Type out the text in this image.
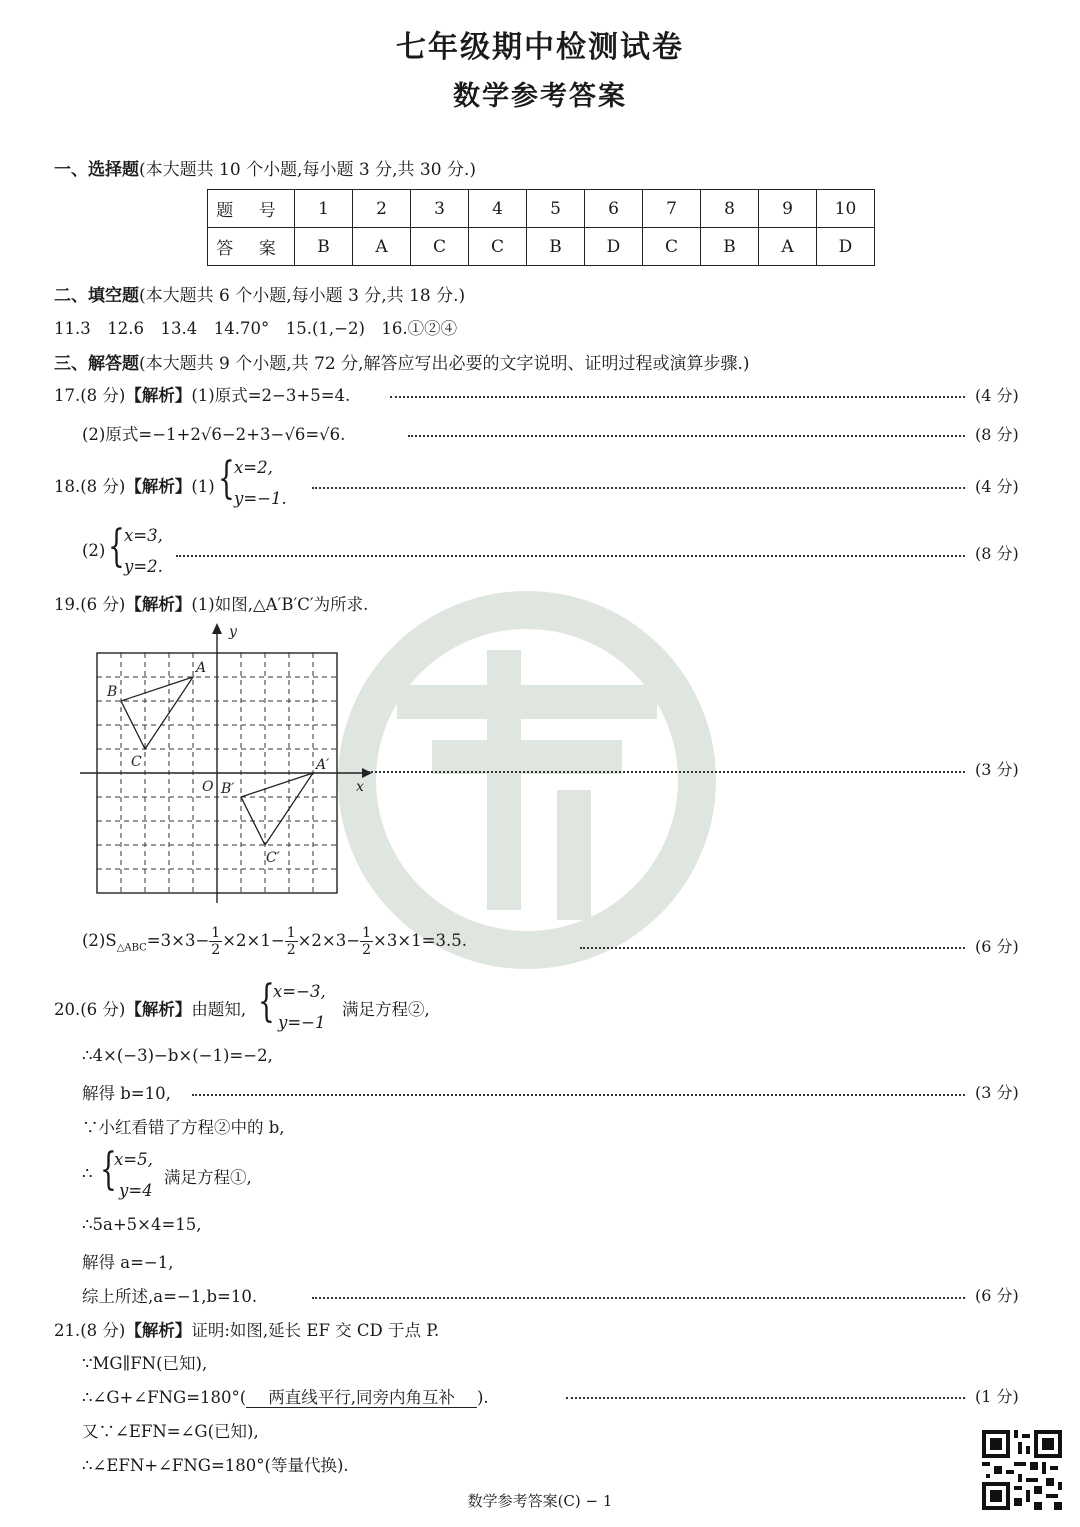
七年级期中检测试卷
数学参考答案
一、选择题(本大题共 10 个小题,每小题 3 分,共 30 分.)
题 号	1	2	3	4	5	6	7	8	9	10
答 案	B	A	C	C	B	D	C	B	A	D
二、填空题(本大题共 6 个小题,每小题 3 分,共 18 分.)
11.3　12.6　13.4　14.70°　15.(1,−2)　16.①②④
三、解答题(本大题共 9 个小题,共 72 分,解答应写出必要的文字说明、证明过程或演算步骤.)
17.(8 分)【解析】(1)原式=2−3+5=4.	(4 分)
(2)原式=−1+2√6−2+3−√6=√6.	(8 分)
18.(8 分)【解析】(1) { x=2,
y=−1.
(4 分)
(2) { x=3,
y=2.
(8 分)
19.(6 分)【解析】(1)如图,△A′B′C′为所求.
y
x
O
A
B
C	A′
B′
C′
(3 分)
$(2)S_{\triangle ABC}=3\times 3- \frac{1}{2} \times 2\times 1- \frac{1}{2} \times 2\times 3- \frac{1}{2} \times 3\times 1=3.5$.	(6 分)
20.(6 分)【解析】由题知, {
x=−3,
y=−1
满足方程②,
∴4×(−3)−b×(−1)=−2,
解得 b=10,	(3 分)
∵小红看错了方程②中的 b,
∴ {
x=5,
y=4
满足方程①,
∴5a+5×4=15,
解得 a=−1,
综上所述,a=−1,b=10.	(6 分)
21.(8 分)【解析】证明:如图,延长 EF 交 CD 于点 P.
∵MG∥FN(已知),
∴∠G+∠FNG=180°( 两直线平行,同旁内角互补 ).	(1 分)
又∵∠EFN=∠G(已知),
∴∠EFN+∠FNG=180°(等量代换).
数学参考答案(C) − 1
